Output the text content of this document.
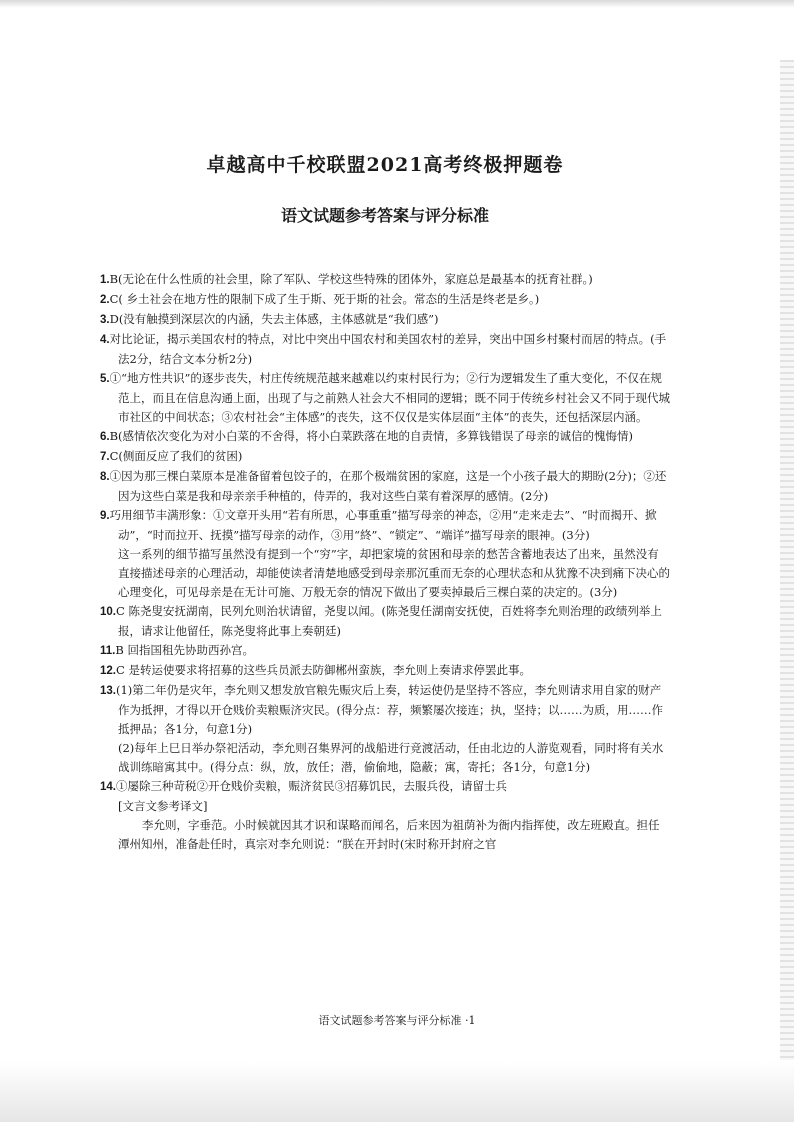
卓越高中千校联盟2021高考终极押题卷
语文试题参考答案与评分标准

1.B(无论在什么性质的社会里，除了军队、学校这些特殊的团体外，家庭总是最基本的抚育社群。)

2.C( 乡土社会在地方性的限制下成了生于斯、死于斯的社会。常态的生活是终老是乡。)

3.D(没有触摸到深层次的内涵，失去主体感，主体感就是“我们感”)

4.对比论证，揭示美国农村的特点，对比中突出中国农村和美国农村的差异，突出中国乡村聚村而居的特点。(手法2分，结合文本分析2分)

5.①“地方性共识”的逐步丧失，村庄传统规范越来越难以约束村民行为；②行为逻辑发生了重大变化，不仅在规范上，而且在信息沟通上面，出现了与之前熟人社会大不相同的逻辑；既不同于传统乡村社会又不同于现代城市社区的中间状态；③农村社会“主体感”的丧失，这不仅仅是实体层面“主体”的丧失，还包括深层内涵。

6.B(感情依次变化为对小白菜的不舍得，将小白菜跌落在地的自责情，多算钱错误了母亲的诚信的愧悔情)

7.C(侧面反应了我们的贫困)

8.①因为那三棵白菜原本是准备留着包饺子的，在那个极端贫困的家庭，这是一个小孩子最大的期盼(2分)；②还因为这些白菜是我和母亲亲手种植的，侍弄的，我对这些白菜有着深厚的感情。(2分)

9.巧用细节丰满形象：①文章开头用“若有所思，心事重重”描写母亲的神态，②用“走来走去”、“时而揭开、掀动”，“时而拉开、抚摸”描写母亲的动作，③用“終”、“锁定”、“端详”描写母亲的眼神。(3分)

这一系列的细节描写虽然没有提到一个“穷”字，却把家境的贫困和母亲的愁苦含蓄地表达了出来，虽然没有直接描述母亲的心理活动，却能使读者清楚地感受到母亲那沉重而无奈的心理状态和从犹豫不决到痛下决心的心理变化，可见母亲是在无计可施、万般无奈的情况下做出了要卖掉最后三棵白菜的决定的。(3分)

10.C 陈尧叟安抚湖南，民列允则治状请留，尧叟以闻。(陈尧叟任湖南安抚使，百姓将李允则治理的政绩列举上报，请求让他留任，陈尧叟将此事上奏朝廷)

11.B 回指国租先协助西孙宫。

12.C 是转运使要求将招募的这些兵员派去防御郴州蛮族，李允则上奏请求停罢此事。

13.(1)第二年仍是灾年，李允则又想发放官粮先赈灾后上奏，转运使仍是坚持不答应，李允则请求用自家的财产作为抵押，才得以开仓贱价卖粮赈济灾民。(得分点：荐，频繁屡次接连；执，坚持；以……为质，用……作抵押品；各1分，句意1分)

(2)每年上巳日举办祭祀活动，李允则召集界河的战船进行竞渡活动，任由北边的人游览观看，同时将有关水战训练暗寓其中。(得分点：纵，放，放任；潜，偷偷地，隐蔽；寓，寄托；各1分，句意1分)

14.①屡除三种苛税②开仓贱价卖粮，赈济贫民③招募饥民，去服兵役，请留士兵

[文言文参考译文]

李允则，字垂范。小时候就因其才识和谋略而闻名，后来因为祖荫补为衙内指挥使，改左班殿直。担任潭州知州，准备赴任时，真宗对李允则说：“朕在开封时(宋时称开封府之官

语文试题参考答案与评分标准 ·1
